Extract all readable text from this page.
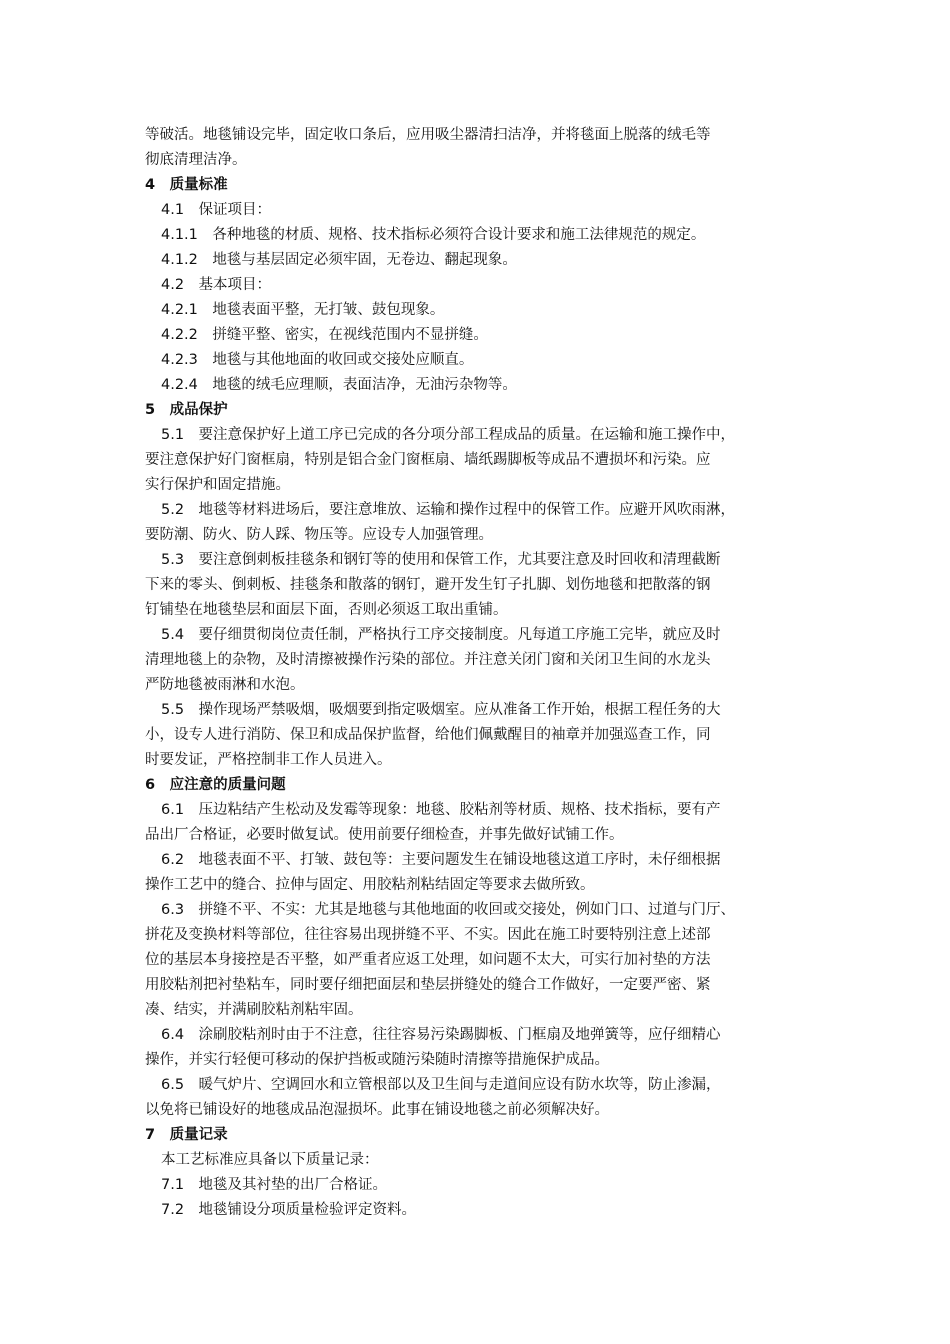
等破活。地毯铺设完毕，固定收口条后，应用吸尘器清扫洁净，并将毯面上脱落的绒毛等
彻底清理洁净。
4　质量标准
4.1　保证项目：
4.1.1　各种地毯的材质、规格、技术指标必须符合设计要求和施工法律规范的规定。
4.1.2　地毯与基层固定必须牢固，无卷边、翻起现象。
4.2　基本项目：
4.2.1　地毯表面平整，无打皱、鼓包现象。
4.2.2　拼缝平整、密实，在视线范围内不显拼缝。
4.2.3　地毯与其他地面的收回或交接处应顺直。
4.2.4　地毯的绒毛应理顺，表面洁净，无油污杂物等。
5　成品保护
5.1　要注意保护好上道工序已完成的各分项分部工程成品的质量。在运输和施工操作中，
要注意保护好门窗框扇，特别是铝合金门窗框扇、墙纸踢脚板等成品不遭损坏和污染。应
实行保护和固定措施。
5.2　地毯等材料进场后，要注意堆放、运输和操作过程中的保管工作。应避开风吹雨淋，
要防潮、防火、防人踩、物压等。应设专人加强管理。
5.3　要注意倒刺板挂毯条和钢钉等的使用和保管工作，尤其要注意及时回收和清理截断
下来的零头、倒刺板、挂毯条和散落的钢钉，避开发生钉子扎脚、划伤地毯和把散落的钢
钉铺垫在地毯垫层和面层下面，否则必须返工取出重铺。
5.4　要仔细贯彻岗位责任制，严格执行工序交接制度。凡每道工序施工完毕，就应及时
清理地毯上的杂物，及时清擦被操作污染的部位。并注意关闭门窗和关闭卫生间的水龙头
严防地毯被雨淋和水泡。
5.5　操作现场严禁吸烟，吸烟要到指定吸烟室。应从准备工作开始，根据工程任务的大
小，设专人进行消防、保卫和成品保护监督，给他们佩戴醒目的袖章并加强巡查工作，同
时要发证，严格控制非工作人员进入。
6　应注意的质量问题
6.1　压边粘结产生松动及发霉等现象：地毯、胶粘剂等材质、规格、技术指标，要有产
品出厂合格证，必要时做复试。使用前要仔细检查，并事先做好试铺工作。
6.2　地毯表面不平、打皱、鼓包等：主要问题发生在铺设地毯这道工序时，未仔细根据
操作工艺中的缝合、拉伸与固定、用胶粘剂粘结固定等要求去做所致。
6.3　拼缝不平、不实：尤其是地毯与其他地面的收回或交接处，例如门口、过道与门厅、
拼花及变换材料等部位，往往容易出现拼缝不平、不实。因此在施工时要特别注意上述部
位的基层本身接控是否平整，如严重者应返工处理，如问题不太大，可实行加衬垫的方法
用胶粘剂把衬垫粘车，同时要仔细把面层和垫层拼缝处的缝合工作做好，一定要严密、紧
凑、结实，并满刷胶粘剂粘牢固。
6.4　涂刷胶粘剂时由于不注意，往往容易污染踢脚板、门框扇及地弹簧等，应仔细精心
操作，并实行轻便可移动的保护挡板或随污染随时清擦等措施保护成品。
6.5　暖气炉片、空调回水和立管根部以及卫生间与走道间应设有防水坎等，防止渗漏，
以免将已铺设好的地毯成品泡湿损坏。此事在铺设地毯之前必须解决好。
7　质量记录
本工艺标准应具备以下质量记录：
7.1　地毯及其衬垫的出厂合格证。
7.2　地毯铺设分项质量检验评定资料。
